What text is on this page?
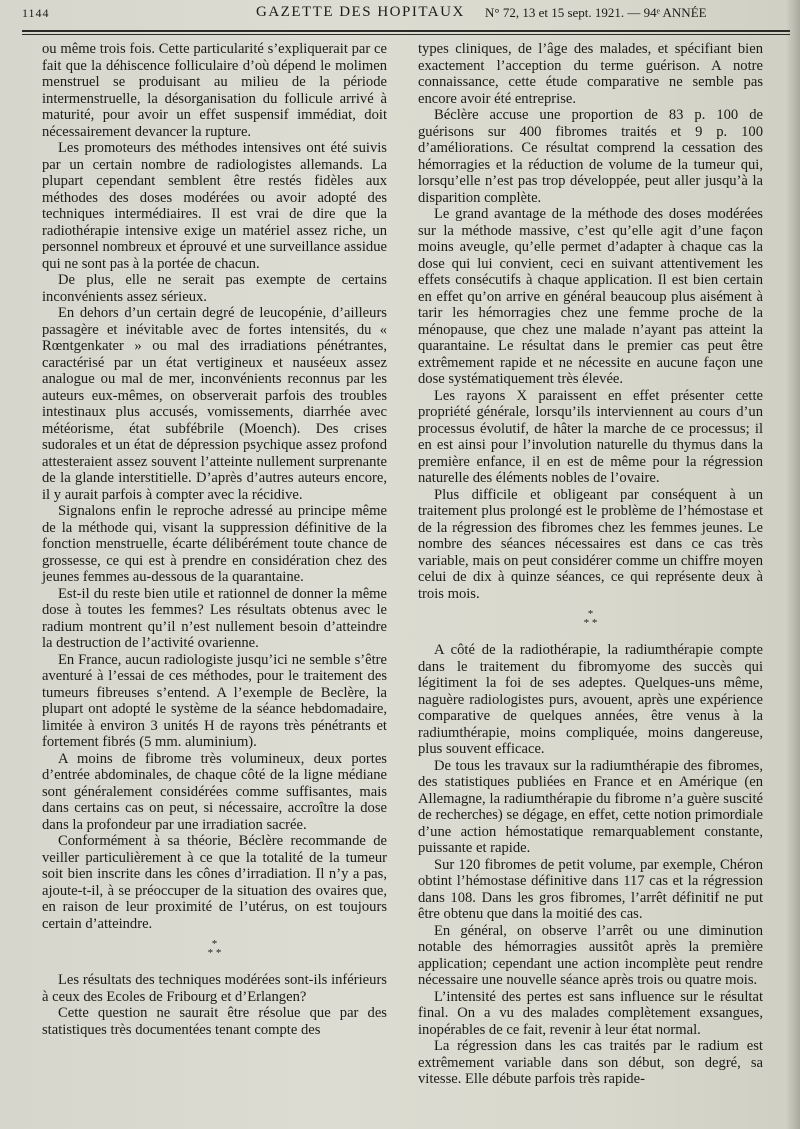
1144	GAZETTE DES HOPITAUX N° 72, 13 et 15 sept. 1921. — 94ᵉ ANNÉE

ou même trois fois. Cette particularité s’expliquerait par ce fait que la déhiscence folliculaire d’où dépend le molimen menstruel se produisant au milieu de la période intermenstruelle, la désorganisation du follicule arrivé à maturité, pour avoir un effet suspensif immédiat, doit nécessairement devancer la rupture.

Les promoteurs des méthodes intensives ont été suivis par un certain nombre de radiologistes allemands. La plupart cependant semblent être restés fidèles aux méthodes des doses modérées ou avoir adopté des techniques intermédiaires. Il est vrai de dire que la radiothérapie intensive exige un matériel assez riche, un personnel nombreux et éprouvé et une surveillance assidue qui ne sont pas à la portée de chacun.

De plus, elle ne serait pas exempte de certains inconvénients assez sérieux.

En dehors d’un certain degré de leucopénie, d’ailleurs passagère et inévitable avec de fortes intensités, du « Rœntgenkater » ou mal des irradiations pénétrantes, caractérisé par un état vertigineux et nauséeux assez analogue ou mal de mer, inconvénients reconnus par les auteurs eux-mêmes, on observerait parfois des troubles intestinaux plus accusés, vomissements, diarrhée avec météorisme, état subfébrile (Moench). Des crises sudorales et un état de dépression psychique assez profond attesteraient assez souvent l’atteinte nullement surprenante de la glande interstitielle. D’après d’autres auteurs encore, il y aurait parfois à compter avec la récidive.

Signalons enfin le reproche adressé au principe même de la méthode qui, visant la suppression définitive de la fonction menstruelle, écarte délibérément toute chance de grossesse, ce qui est à prendre en considération chez des jeunes femmes au-dessous de la quarantaine.

Est-il du reste bien utile et rationnel de donner la même dose à toutes les femmes? Les résultats obtenus avec le radium montrent qu’il n’est nullement besoin d’atteindre la destruction de l’activité ovarienne.

En France, aucun radiologiste jusqu’ici ne semble s’être aventuré à l’essai de ces méthodes, pour le traitement des tumeurs fibreuses s’entend. A l’exemple de Beclère, la plupart ont adopté le système de la séance hebdomadaire, limitée à environ 3 unités H de rayons très pénétrants et fortement fibrés (5 mm. aluminium).

A moins de fibrome très volumineux, deux portes d’entrée abdominales, de chaque côté de la ligne médiane sont généralement considérées comme suffisantes, mais dans certains cas on peut, si nécessaire, accroître la dose dans la profondeur par une irradiation sacrée.

Conformément à sa théorie, Béclère recommande de veiller particulièrement à ce que la totalité de la tumeur soit bien inscrite dans les cônes d’irradiation. Il n’y a pas, ajoute-t-il, à se préoccuper de la situation des ovaires que, en raison de leur proximité de l’utérus, on est toujours certain d’atteindre.

*
* *

Les résultats des techniques modérées sont-ils inférieurs à ceux des Ecoles de Fribourg et d’Erlangen?

Cette question ne saurait être résolue que par des statistiques très documentées tenant compte des

types cliniques, de l’âge des malades, et spécifiant bien exactement l’acception du terme guérison. A notre connaissance, cette étude comparative ne semble pas encore avoir été entreprise.

Béclère accuse une proportion de 83 p. 100 de guérisons sur 400 fibromes traités et 9 p. 100 d’améliorations. Ce résultat comprend la cessation des hémorragies et la réduction de volume de la tumeur qui, lorsqu’elle n’est pas trop développée, peut aller jusqu’à la disparition complète.

Le grand avantage de la méthode des doses modérées sur la méthode massive, c’est qu’elle agit d’une façon moins aveugle, qu’elle permet d’adapter à chaque cas la dose qui lui convient, ceci en suivant attentivement les effets consécutifs à chaque application. Il est bien certain en effet qu’on arrive en général beaucoup plus aisément à tarir les hémorragies chez une femme proche de la ménopause, que chez une malade n’ayant pas atteint la quarantaine. Le résultat dans le premier cas peut être extrêmement rapide et ne nécessite en aucune façon une dose systématiquement très élevée.

Les rayons X paraissent en effet présenter cette propriété générale, lorsqu’ils interviennent au cours d’un processus évolutif, de hâter la marche de ce processus; il en est ainsi pour l’involution naturelle du thymus dans la première enfance, il en est de même pour la régression naturelle des éléments nobles de l’ovaire.

Plus difficile et obligeant par conséquent à un traitement plus prolongé est le problème de l’hémostase et de la régression des fibromes chez les femmes jeunes. Le nombre des séances nécessaires est dans ce cas très variable, mais on peut considérer comme un chiffre moyen celui de dix à quinze séances, ce qui représente deux à trois mois.

*
* *

A côté de la radiothérapie, la radiumthérapie compte dans le traitement du fibromyome des succès qui légitiment la foi de ses adeptes. Quelques-uns même, naguère radiologistes purs, avouent, après une expérience comparative de quelques années, être venus à la radiumthérapie, moins compliquée, moins dangereuse, plus souvent efficace.

De tous les travaux sur la radiumthérapie des fibromes, des statistiques publiées en France et en Amérique (en Allemagne, la radiumthérapie du fibrome n’a guère suscité de recherches) se dégage, en effet, cette notion primordiale d’une action hémostatique remarquablement constante, puissante et rapide.

Sur 120 fibromes de petit volume, par exemple, Chéron obtint l’hémostase définitive dans 117 cas et la régression dans 108. Dans les gros fibromes, l’arrêt définitif ne put être obtenu que dans la moitié des cas.

En général, on observe l’arrêt ou une diminution notable des hémorragies aussitôt après la première application; cependant une action incomplète peut rendre nécessaire une nouvelle séance après trois ou quatre mois.

L’intensité des pertes est sans influence sur le résultat final. On a vu des malades complètement exsangues, inopérables de ce fait, revenir à leur état normal.

La régression dans les cas traités par le radium est extrêmement variable dans son début, son degré, sa vitesse. Elle débute parfois très rapide-
